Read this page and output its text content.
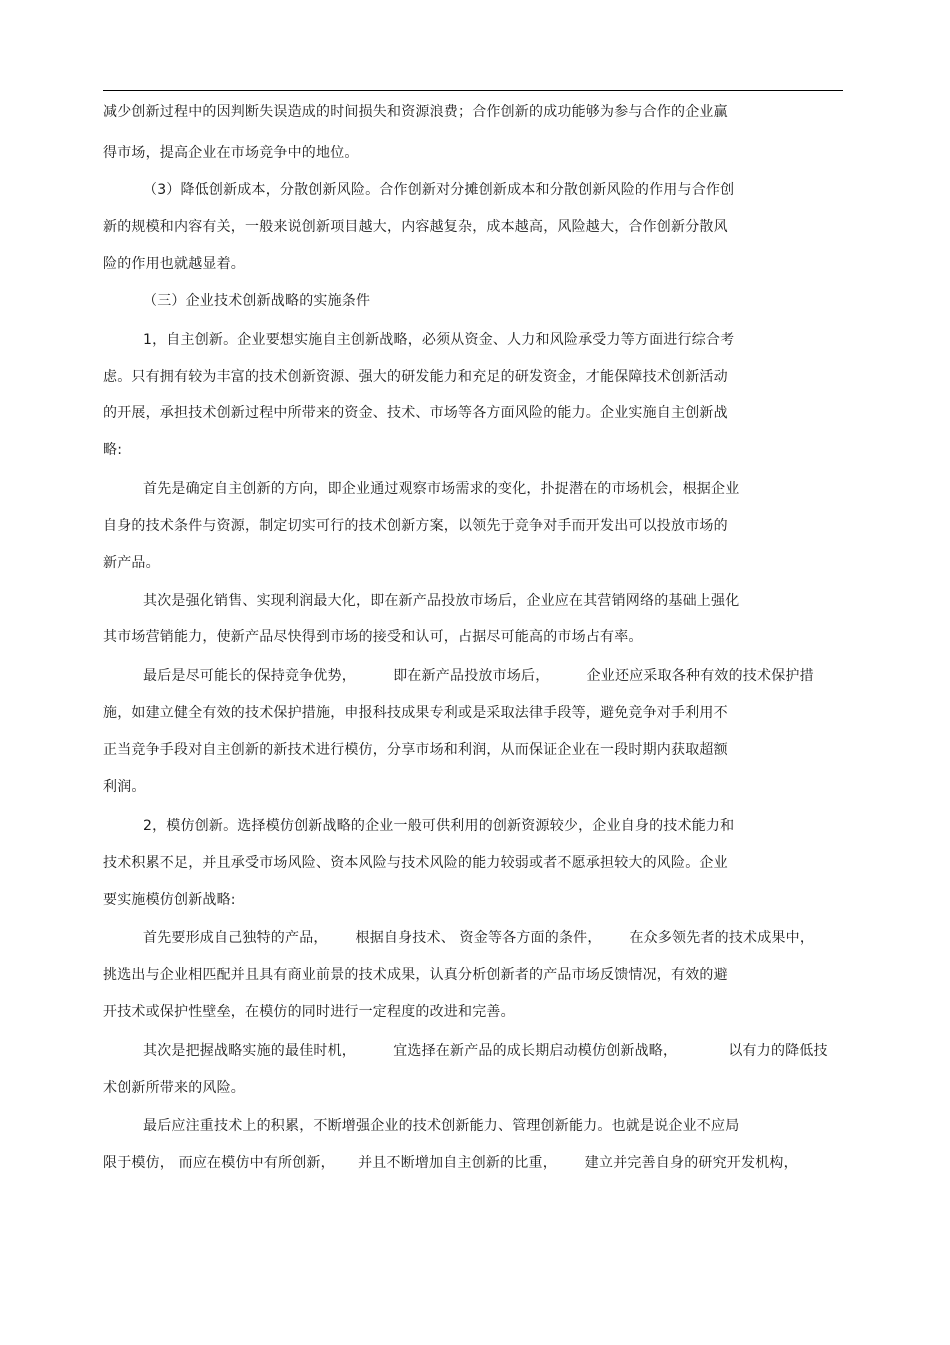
减少创新过程中的因判断失误造成的时间损失和资源浪费；合作创新的成功能够为参与合作的企业赢
得市场，提高企业在市场竞争中的地位。
（3）降低创新成本，分散创新风险。合作创新对分摊创新成本和分散创新风险的作用与合作创
新的规模和内容有关，一般来说创新项目越大，内容越复杂，成本越高，风险越大，合作创新分散风
险的作用也就越显着。
（三）企业技术创新战略的实施条件
1，自主创新。企业要想实施自主创新战略，必须从资金、人力和风险承受力等方面进行综合考
虑。只有拥有较为丰富的技术创新资源、强大的研发能力和充足的研发资金，才能保障技术创新活动
的开展，承担技术创新过程中所带来的资金、技术、市场等各方面风险的能力。企业实施自主创新战
略:
首先是确定自主创新的方向，即企业通过观察市场需求的变化，扑捉潜在的市场机会，根据企业
自身的技术条件与资源，制定切实可行的技术创新方案，以领先于竞争对手而开发出可以投放市场的
新产品。
其次是强化销售、实现利润最大化，即在新产品投放市场后，企业应在其营销网络的基础上强化
其市场营销能力，使新产品尽快得到市场的接受和认可，占据尽可能高的市场占有率。
最后是尽可能长的保持竞争优势，        即在新产品投放市场后，        企业还应采取各种有效的技术保护措
施，如建立健全有效的技术保护措施，申报科技成果专利或是采取法律手段等，避免竞争对手利用不
正当竞争手段对自主创新的新技术进行模仿，分享市场和利润，从而保证企业在一段时期内获取超额
利润。
2，模仿创新。选择模仿创新战略的企业一般可供利用的创新资源较少，企业自身的技术能力和
技术积累不足，并且承受市场风险、资本风险与技术风险的能力较弱或者不愿承担较大的风险。企业
要实施模仿创新战略:
首先要形成自己独特的产品，      根据自身技术、 资金等各方面的条件，      在众多领先者的技术成果中，
挑选出与企业相匹配并且具有商业前景的技术成果，认真分析创新者的产品市场反馈情况，有效的避
开技术或保护性壁垒，在模仿的同时进行一定程度的改进和完善。
其次是把握战略实施的最佳时机，        宜选择在新产品的成长期启动模仿创新战略，           以有力的降低技
术创新所带来的风险。
最后应注重技术上的积累，不断增强企业的技术创新能力、管理创新能力。也就是说企业不应局
限于模仿， 而应在模仿中有所创新，     并且不断增加自主创新的比重，      建立并完善自身的研究开发机构，
